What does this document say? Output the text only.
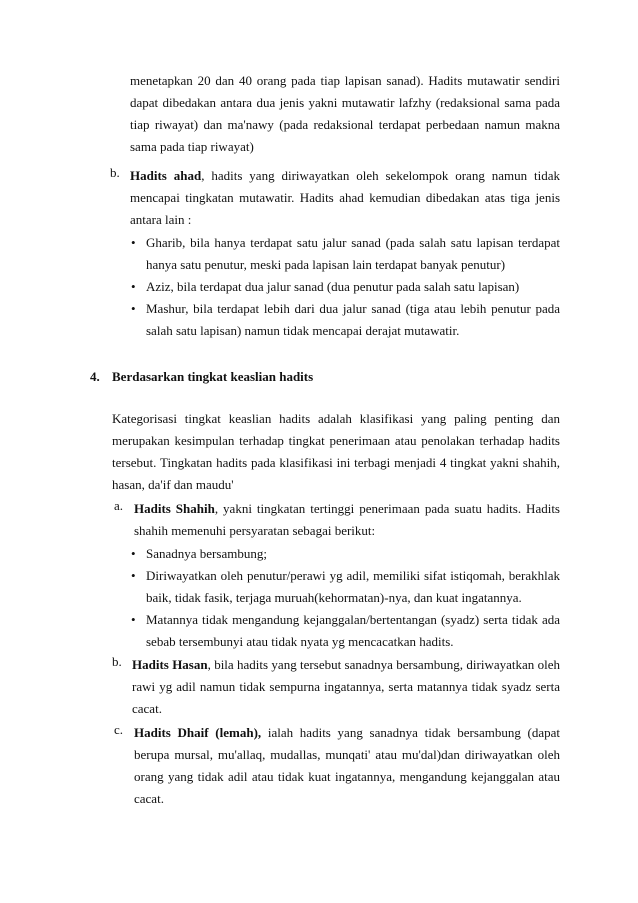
menetapkan 20 dan 40 orang pada tiap lapisan sanad). Hadits mutawatir sendiri dapat dibedakan antara dua jenis yakni mutawatir lafzhy (redaksional sama pada tiap riwayat) dan ma'nawy (pada redaksional terdapat perbedaan namun makna sama pada tiap riwayat)

b. Hadits ahad, hadits yang diriwayatkan oleh sekelompok orang namun tidak mencapai tingkatan mutawatir. Hadits ahad kemudian dibedakan atas tiga jenis antara lain :

• Gharib, bila hanya terdapat satu jalur sanad (pada salah satu lapisan terdapat hanya satu penutur, meski pada lapisan lain terdapat banyak penutur)
• Aziz, bila terdapat dua jalur sanad (dua penutur pada salah satu lapisan)
• Mashur, bila terdapat lebih dari dua jalur sanad (tiga atau lebih penutur pada salah satu lapisan) namun tidak mencapai derajat mutawatir.

4. Berdasarkan tingkat keaslian hadits

Kategorisasi tingkat keaslian hadits adalah klasifikasi yang paling penting dan merupakan kesimpulan terhadap tingkat penerimaan atau penolakan terhadap hadits tersebut. Tingkatan hadits pada klasifikasi ini terbagi menjadi 4 tingkat yakni shahih, hasan, da'if dan maudu'

a. Hadits Shahih, yakni tingkatan tertinggi penerimaan pada suatu hadits. Hadits shahih memenuhi persyaratan sebagai berikut:

• Sanadnya bersambung;
• Diriwayatkan oleh penutur/perawi yg adil, memiliki sifat istiqomah, berakhlak baik, tidak fasik, terjaga muruah(kehormatan)-nya, dan kuat ingatannya.
• Matannya tidak mengandung kejanggalan/bertentangan (syadz) serta tidak ada sebab tersembunyi atau tidak nyata yg mencacatkan hadits.
b. Hadits Hasan, bila hadits yang tersebut sanadnya bersambung, diriwayatkan oleh rawi yg adil namun tidak sempurna ingatannya, serta matannya tidak syadz serta cacat.

c. Hadits Dhaif (lemah), ialah hadits yang sanadnya tidak bersambung (dapat berupa mursal, mu'allaq, mudallas, munqati' atau mu'dal)dan diriwayatkan oleh orang yang tidak adil atau tidak kuat ingatannya, mengandung kejanggalan atau cacat.
